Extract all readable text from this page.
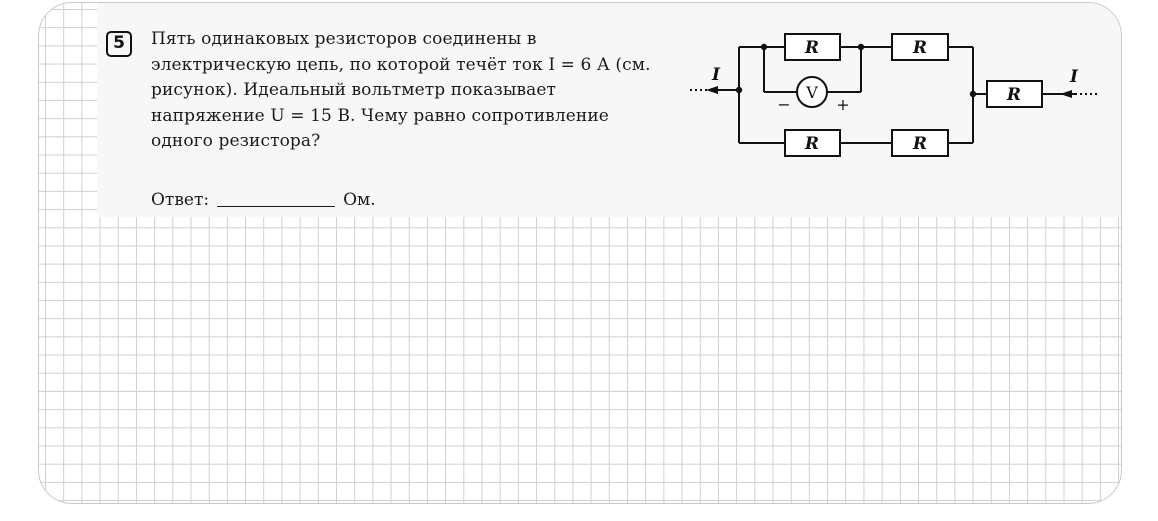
5	Пять одинаковых резисторов соединены в электрическую цепь, по которой течёт ток I = 6 А (см. рисунок). Идеальный вольтметр показывает напряжение U = 15 В. Чему равно сопротивление одного резистора?

Ответ:	Ом.
R	R
R	R
R
I	I
V
−	+
